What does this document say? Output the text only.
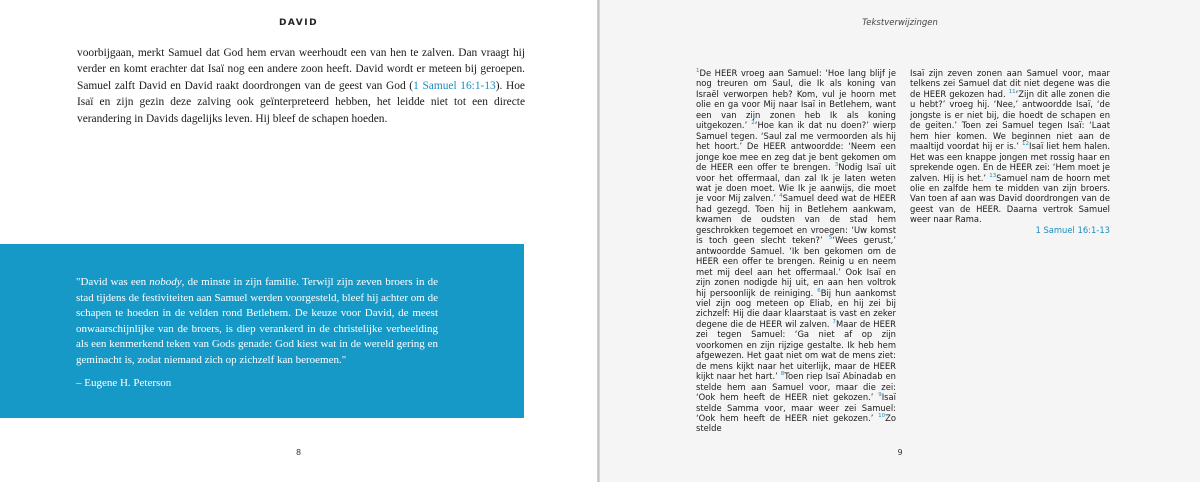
DAVID
voorbijgaan, merkt Samuel dat God hem ervan weerhoudt een van hen te zalven. Dan vraagt hij verder en komt erachter dat Isaï nog een andere zoon heeft. David wordt er meteen bij geroepen. Samuel zalft David en David raakt doordrongen van de geest van God (1 Samuel 16:1-13). Hoe Isaï en zijn gezin deze zalving ook geïnterpreteerd hebben, het leidde niet tot een directe verandering in Davids dagelijks leven. Hij bleef de schapen hoeden.
"David was een nobody, de minste in zijn familie. Terwijl zijn zeven broers in de stad tijdens de festiviteiten aan Samuel werden voorgesteld, bleef hij achter om de schapen te hoeden in de velden rond Betlehem. De keuze voor David, de meest onwaarschijnlijke van de broers, is diep verankerd in de christelijke verbeelding als een kenmerkend teken van Gods genade: God kiest wat in de wereld gering en geminacht is, zodat niemand zich op zichzelf kan beroemen."
– Eugene H. Peterson
8
Tekstverwijzingen
$^1$De HEER vroeg aan Samuel: ‘Hoe lang blijf je nog treuren om Saul, die Ik als koning van Israël verworpen heb? Kom, vul je hoorn met olie en ga voor Mij naar Isaï in Betlehem, want een van zijn zonen heb Ik als koning uitgekozen.’ $^2$‘Hoe kan ik dat nu doen?’ wierp Samuel tegen. ‘Saul zal me vermoorden als hij het hoort.’ De HEER antwoordde: ‘Neem een jonge koe mee en zeg dat je bent gekomen om de HEER een offer te brengen. $^3$Nodig Isaï uit voor het offermaal, dan zal Ik je laten weten wat je doen moet. Wie Ik je aanwijs, die moet je voor Mij zalven.’ $^4$Samuel deed wat de HEER had gezegd. Toen hij in Betlehem aankwam, kwamen de oudsten van de stad hem geschrokken tegemoet en vroegen: ‘Uw komst is toch geen slecht teken?’ $^5$‘Wees gerust,’ antwoordde Samuel. ‘Ik ben gekomen om de HEER een offer te brengen. Reinig u en neem met mij deel aan het offermaal.’ Ook Isaï en zijn zonen nodigde hij uit, en aan hen voltrok hij persoonlijk de reiniging. $^6$Bij hun aankomst viel zijn oog meteen op Eliab, en hij zei bij zichzelf: Hij die daar klaarstaat is vast en zeker degene die de HEER wil zalven. $^7$Maar de HEER zei tegen Samuel: ‘Ga niet af op zijn voorkomen en zijn rijzige gestalte. Ik heb hem afgewezen. Het gaat niet om wat de mens ziet: de mens kijkt naar het uiterlijk, maar de HEER kijkt naar het hart.’ $^8$Toen riep Isaï Abinadab en stelde hem aan Samuel voor, maar die zei: ‘Ook hem heeft de HEER niet gekozen.’ $^9$Isaï stelde Samma voor, maar weer zei Samuel: ‘Ook hem heeft de HEER niet gekozen.’ $^{10}$Zo stelde
Isaï zijn zeven zonen aan Samuel voor, maar telkens zei Samuel dat dit niet degene was die de HEER gekozen had. $^{11}$‘Zijn dit alle zonen die u hebt?’ vroeg hij. ‘Nee,’ antwoordde Isaï, ‘de jongste is er niet bij, die hoedt de schapen en de geiten.’ Toen zei Samuel tegen Isaï: ‘Laat hem hier komen. We beginnen niet aan de maaltijd voordat hij er is.’ $^{12}$Isaï liet hem halen. Het was een knappe jongen met rossig haar en sprekende ogen. En de HEER zei: ‘Hem moet je zalven. Hij is het.’ $^{13}$Samuel nam de hoorn met olie en zalfde hem te midden van zijn broers. Van toen af aan was David doordrongen van de geest van de HEER. Daarna vertrok Samuel weer naar Rama.
1 Samuel 16:1-13
9
